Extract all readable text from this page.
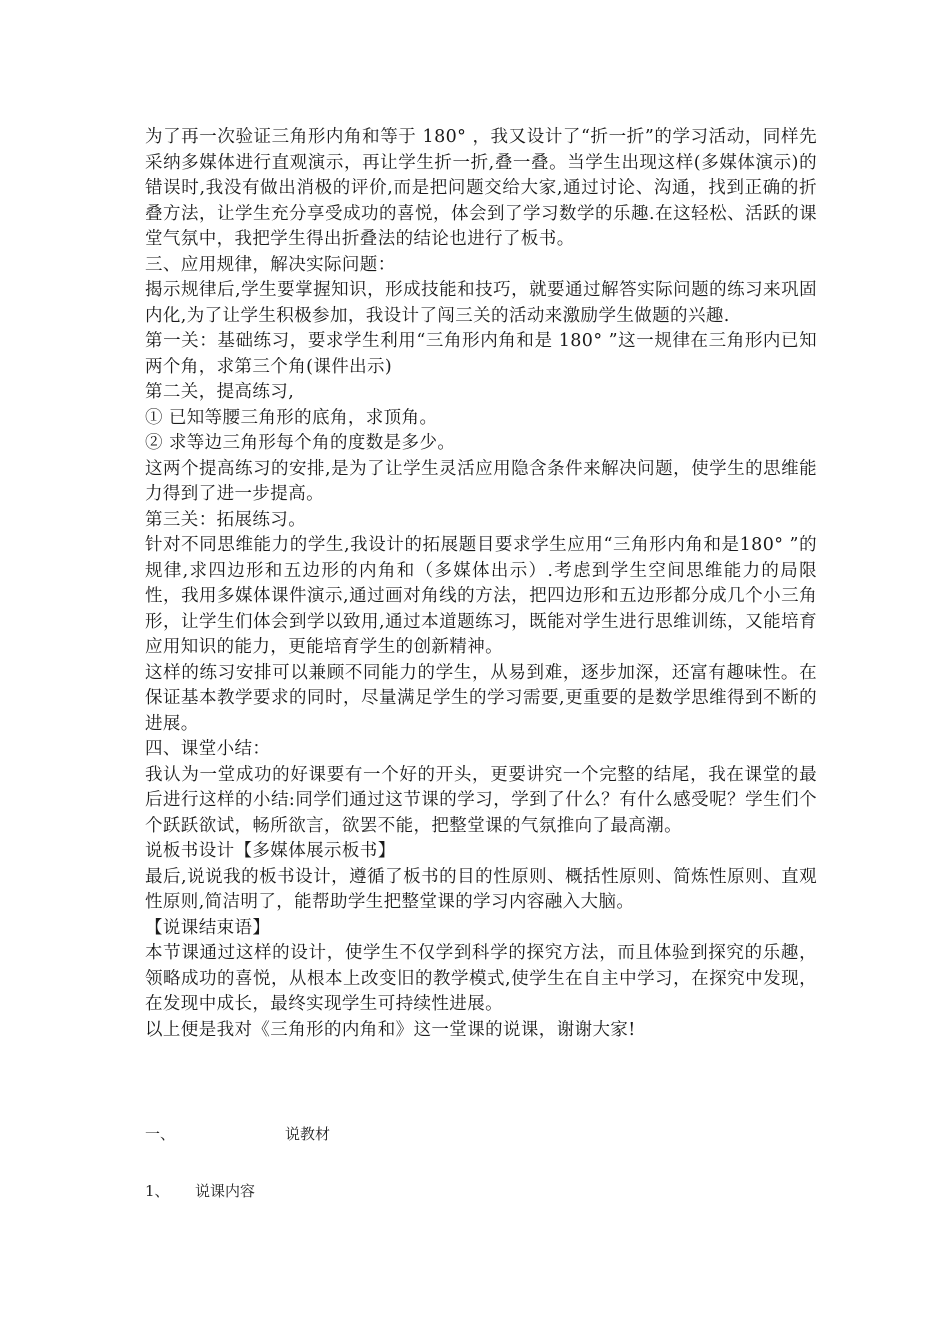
为了再一次验证三角形内角和等于 180° ，我又设计了“折一折”的学习活动，同样先采纳多媒体进行直观演示，再让学生折一折,叠一叠。当学生出现这样(多媒体演示)的错误时,我没有做出消极的评价,而是把问题交给大家,通过讨论、沟通，找到正确的折叠方法，让学生充分享受成功的喜悦，体会到了学习数学的乐趣.在这轻松、活跃的课堂气氛中，我把学生得出折叠法的结论也进行了板书。

三、应用规律，解决实际问题：

揭示规律后,学生要掌握知识，形成技能和技巧，就要通过解答实际问题的练习来巩固内化,为了让学生积极参加，我设计了闯三关的活动来激励学生做题的兴趣.

第一关：基础练习，要求学生利用“三角形内角和是 180° ”这一规律在三角形内已知两个角，求第三个角(课件出示)

第二关，提高练习,

① 已知等腰三角形的底角，求顶角。

② 求等边三角形每个角的度数是多少。

这两个提高练习的安排,是为了让学生灵活应用隐含条件来解决问题，使学生的思维能力得到了进一步提高。

第三关：拓展练习。

针对不同思维能力的学生,我设计的拓展题目要求学生应用“三角形内角和是180° ”的规律,求四边形和五边形的内角和（多媒体出示）.考虑到学生空间思维能力的局限性，我用多媒体课件演示,通过画对角线的方法，把四边形和五边形都分成几个小三角形，让学生们体会到学以致用,通过本道题练习，既能对学生进行思维训练，又能培育应用知识的能力，更能培育学生的创新精神。

这样的练习安排可以兼顾不同能力的学生，从易到难，逐步加深，还富有趣味性。在保证基本教学要求的同时，尽量满足学生的学习需要,更重要的是数学思维得到不断的进展。

四、课堂小结：

我认为一堂成功的好课要有一个好的开头，更要讲究一个完整的结尾，我在课堂的最后进行这样的小结:同学们通过这节课的学习，学到了什么？有什么感受呢？学生们个个跃跃欲试，畅所欲言，欲罢不能，把整堂课的气氛推向了最高潮。

说板书设计【多媒体展示板书】

最后,说说我的板书设计，遵循了板书的目的性原则、概括性原则、简炼性原则、直观性原则,简洁明了，能帮助学生把整堂课的学习内容融入大脑。

【说课结束语】

本节课通过这样的设计，使学生不仅学到科学的探究方法，而且体验到探究的乐趣，领略成功的喜悦，从根本上改变旧的教学模式,使学生在自主中学习，在探究中发现，在发现中成长，最终实现学生可持续性进展。

以上便是我对《三角形的内角和》这一堂课的说课，谢谢大家!

一、	说教材
1、 说课内容
